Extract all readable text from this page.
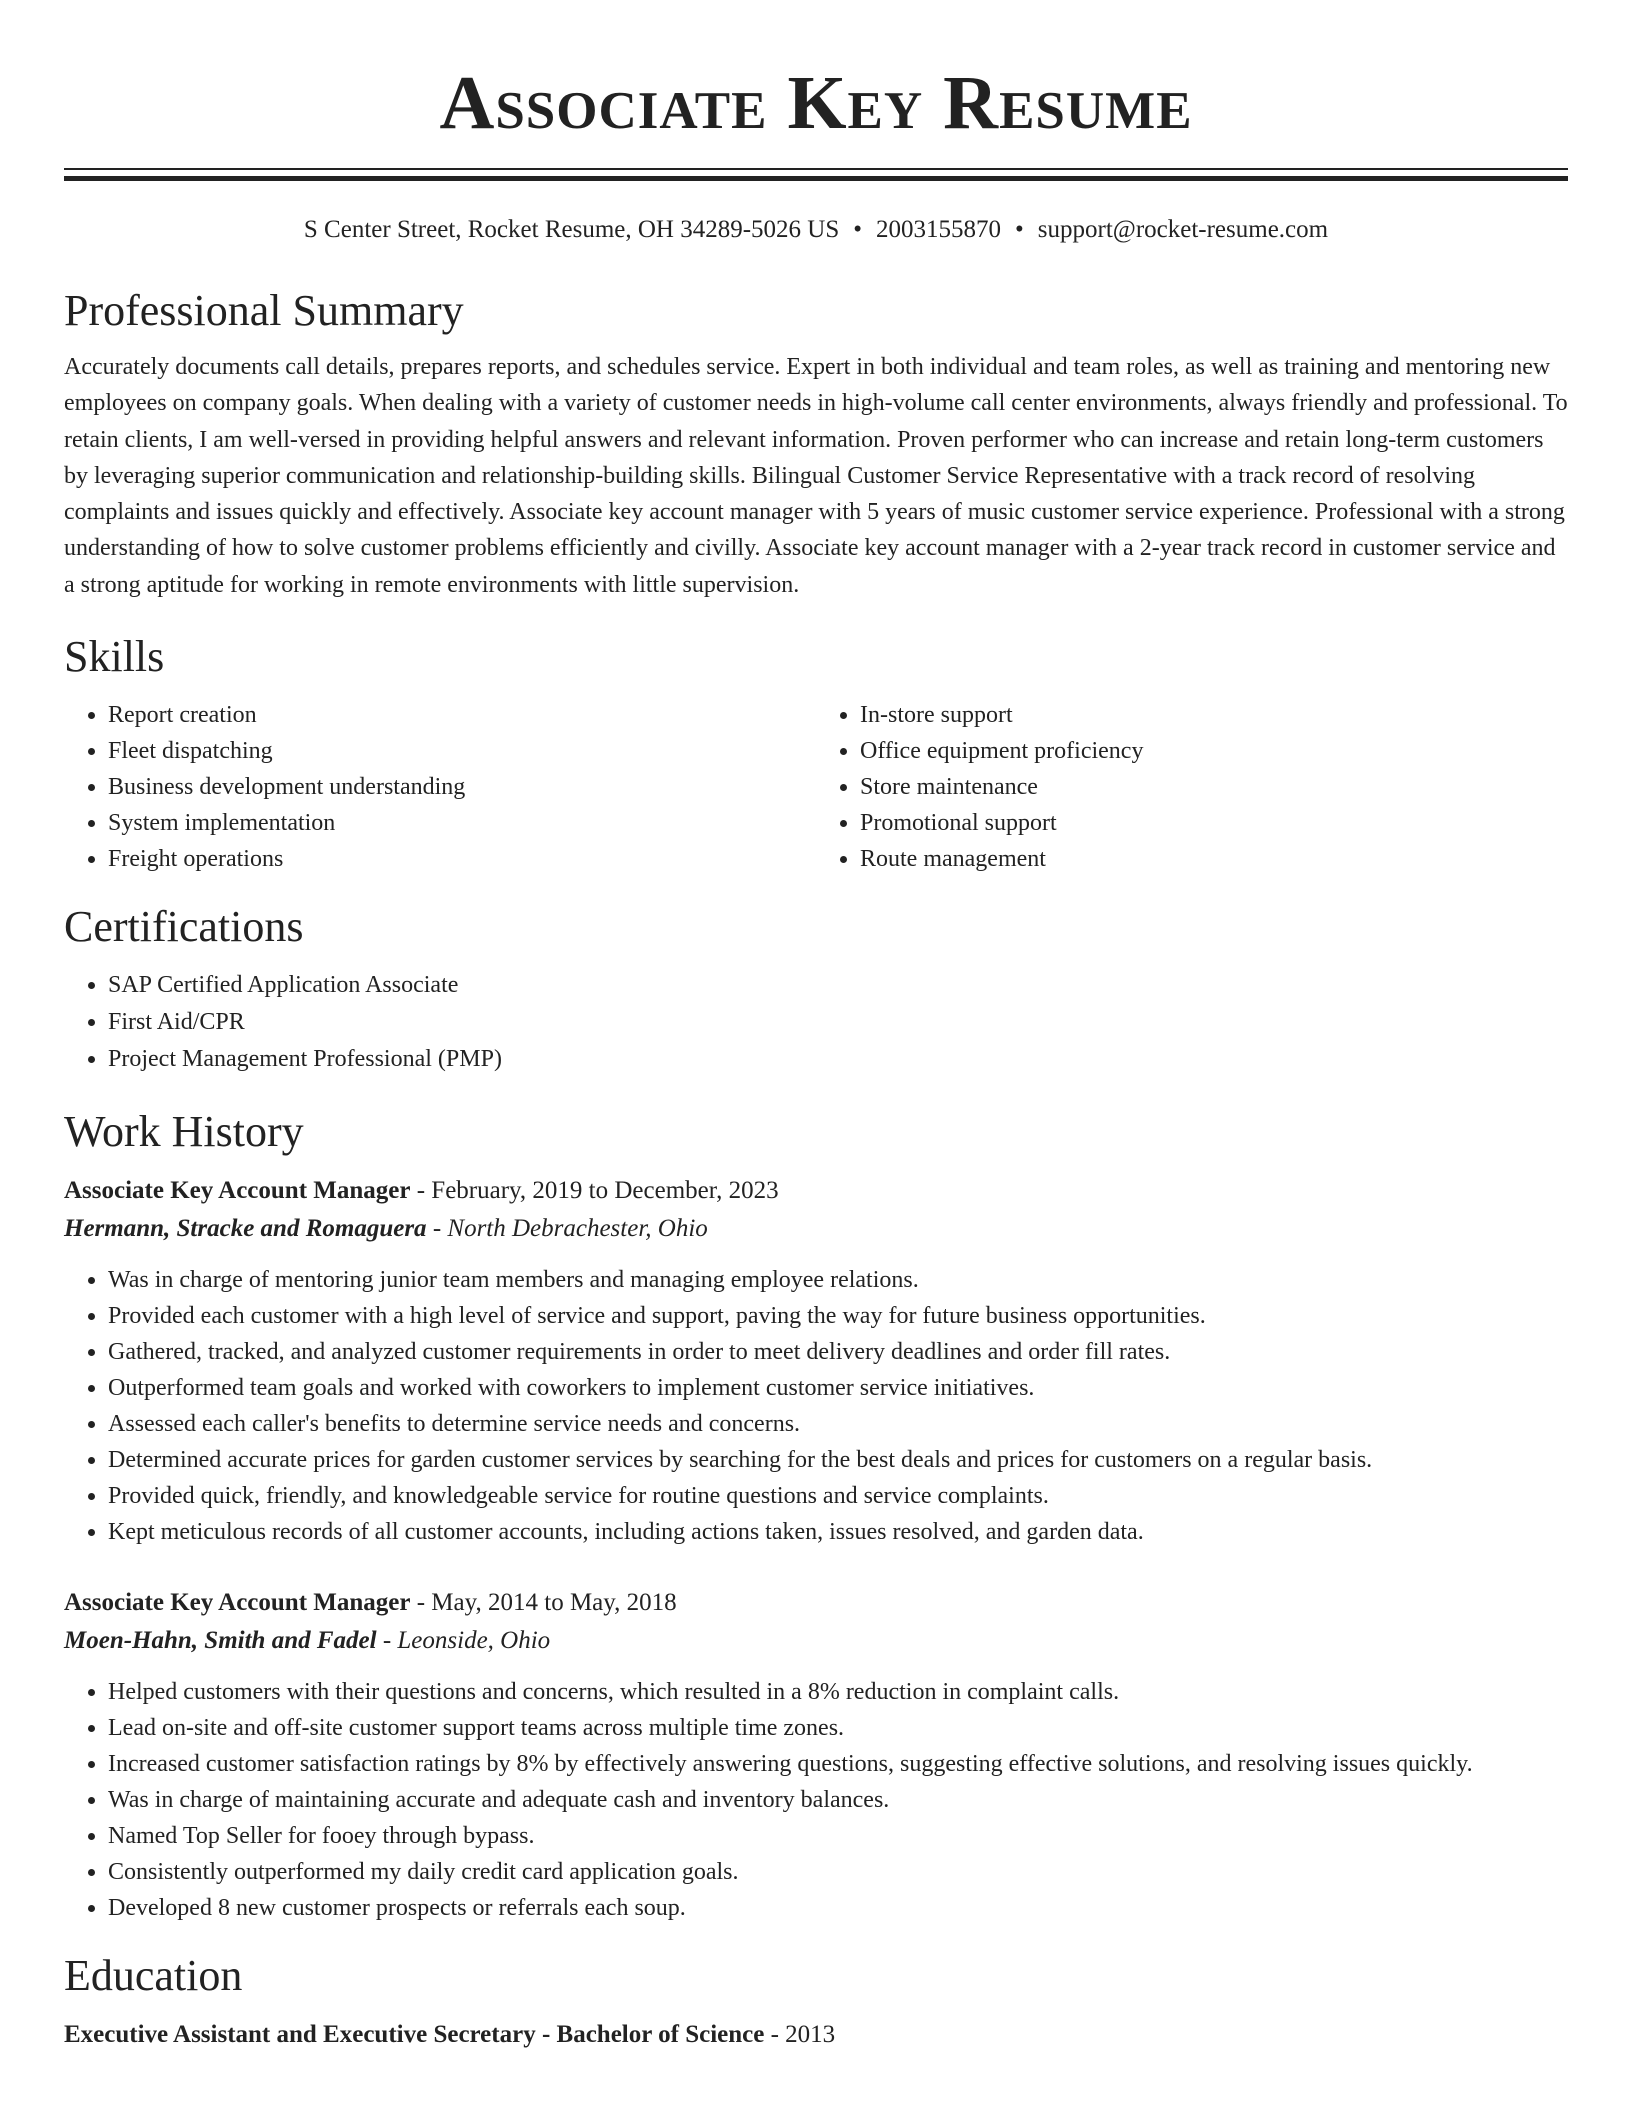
Associate Key Resume
S Center Street, Rocket Resume, OH 34289-5026 US • 2003155870 • support@rocket-resume.com
Professional Summary

Accurately documents call details, prepares reports, and schedules service. Expert in both individual and team roles, as well as training and mentoring new employees on company goals. When dealing with a variety of customer needs in high-volume call center environments, always friendly and professional. To retain clients, I am well-versed in providing helpful answers and relevant information. Proven performer who can increase and retain long-term customers by leveraging superior communication and relationship-building skills. Bilingual Customer Service Representative with a track record of resolving complaints and issues quickly and effectively. Associate key account manager with 5 years of music customer service experience. Professional with a strong understanding of how to solve customer problems efficiently and civilly. Associate key account manager with a 2-year track record in customer service and a strong aptitude for working in remote environments with little supervision.

Skills
• Report creation
• Fleet dispatching
• Business development understanding
• System implementation
• Freight operations
• In-store support
• Office equipment proficiency
• Store maintenance
• Promotional support
• Route management
Certifications
• SAP Certified Application Associate
• First Aid/CPR
• Project Management Professional (PMP)
Work History
Associate Key Account Manager - February, 2019 to December, 2023
Hermann, Stracke and Romaguera - North Debrachester, Ohio
• Was in charge of mentoring junior team members and managing employee relations.
• Provided each customer with a high level of service and support, paving the way for future business opportunities.
• Gathered, tracked, and analyzed customer requirements in order to meet delivery deadlines and order fill rates.
• Outperformed team goals and worked with coworkers to implement customer service initiatives.
• Assessed each caller's benefits to determine service needs and concerns.
• Determined accurate prices for garden customer services by searching for the best deals and prices for customers on a regular basis.
• Provided quick, friendly, and knowledgeable service for routine questions and service complaints.
• Kept meticulous records of all customer accounts, including actions taken, issues resolved, and garden data.
Associate Key Account Manager - May, 2014 to May, 2018
Moen-Hahn, Smith and Fadel - Leonside, Ohio
• Helped customers with their questions and concerns, which resulted in a 8% reduction in complaint calls.
• Lead on-site and off-site customer support teams across multiple time zones.
• Increased customer satisfaction ratings by 8% by effectively answering questions, suggesting effective solutions, and resolving issues quickly.
• Was in charge of maintaining accurate and adequate cash and inventory balances.
• Named Top Seller for fooey through bypass.
• Consistently outperformed my daily credit card application goals.
• Developed 8 new customer prospects or referrals each soup.
Education
Executive Assistant and Executive Secretary - Bachelor of Science - 2013
